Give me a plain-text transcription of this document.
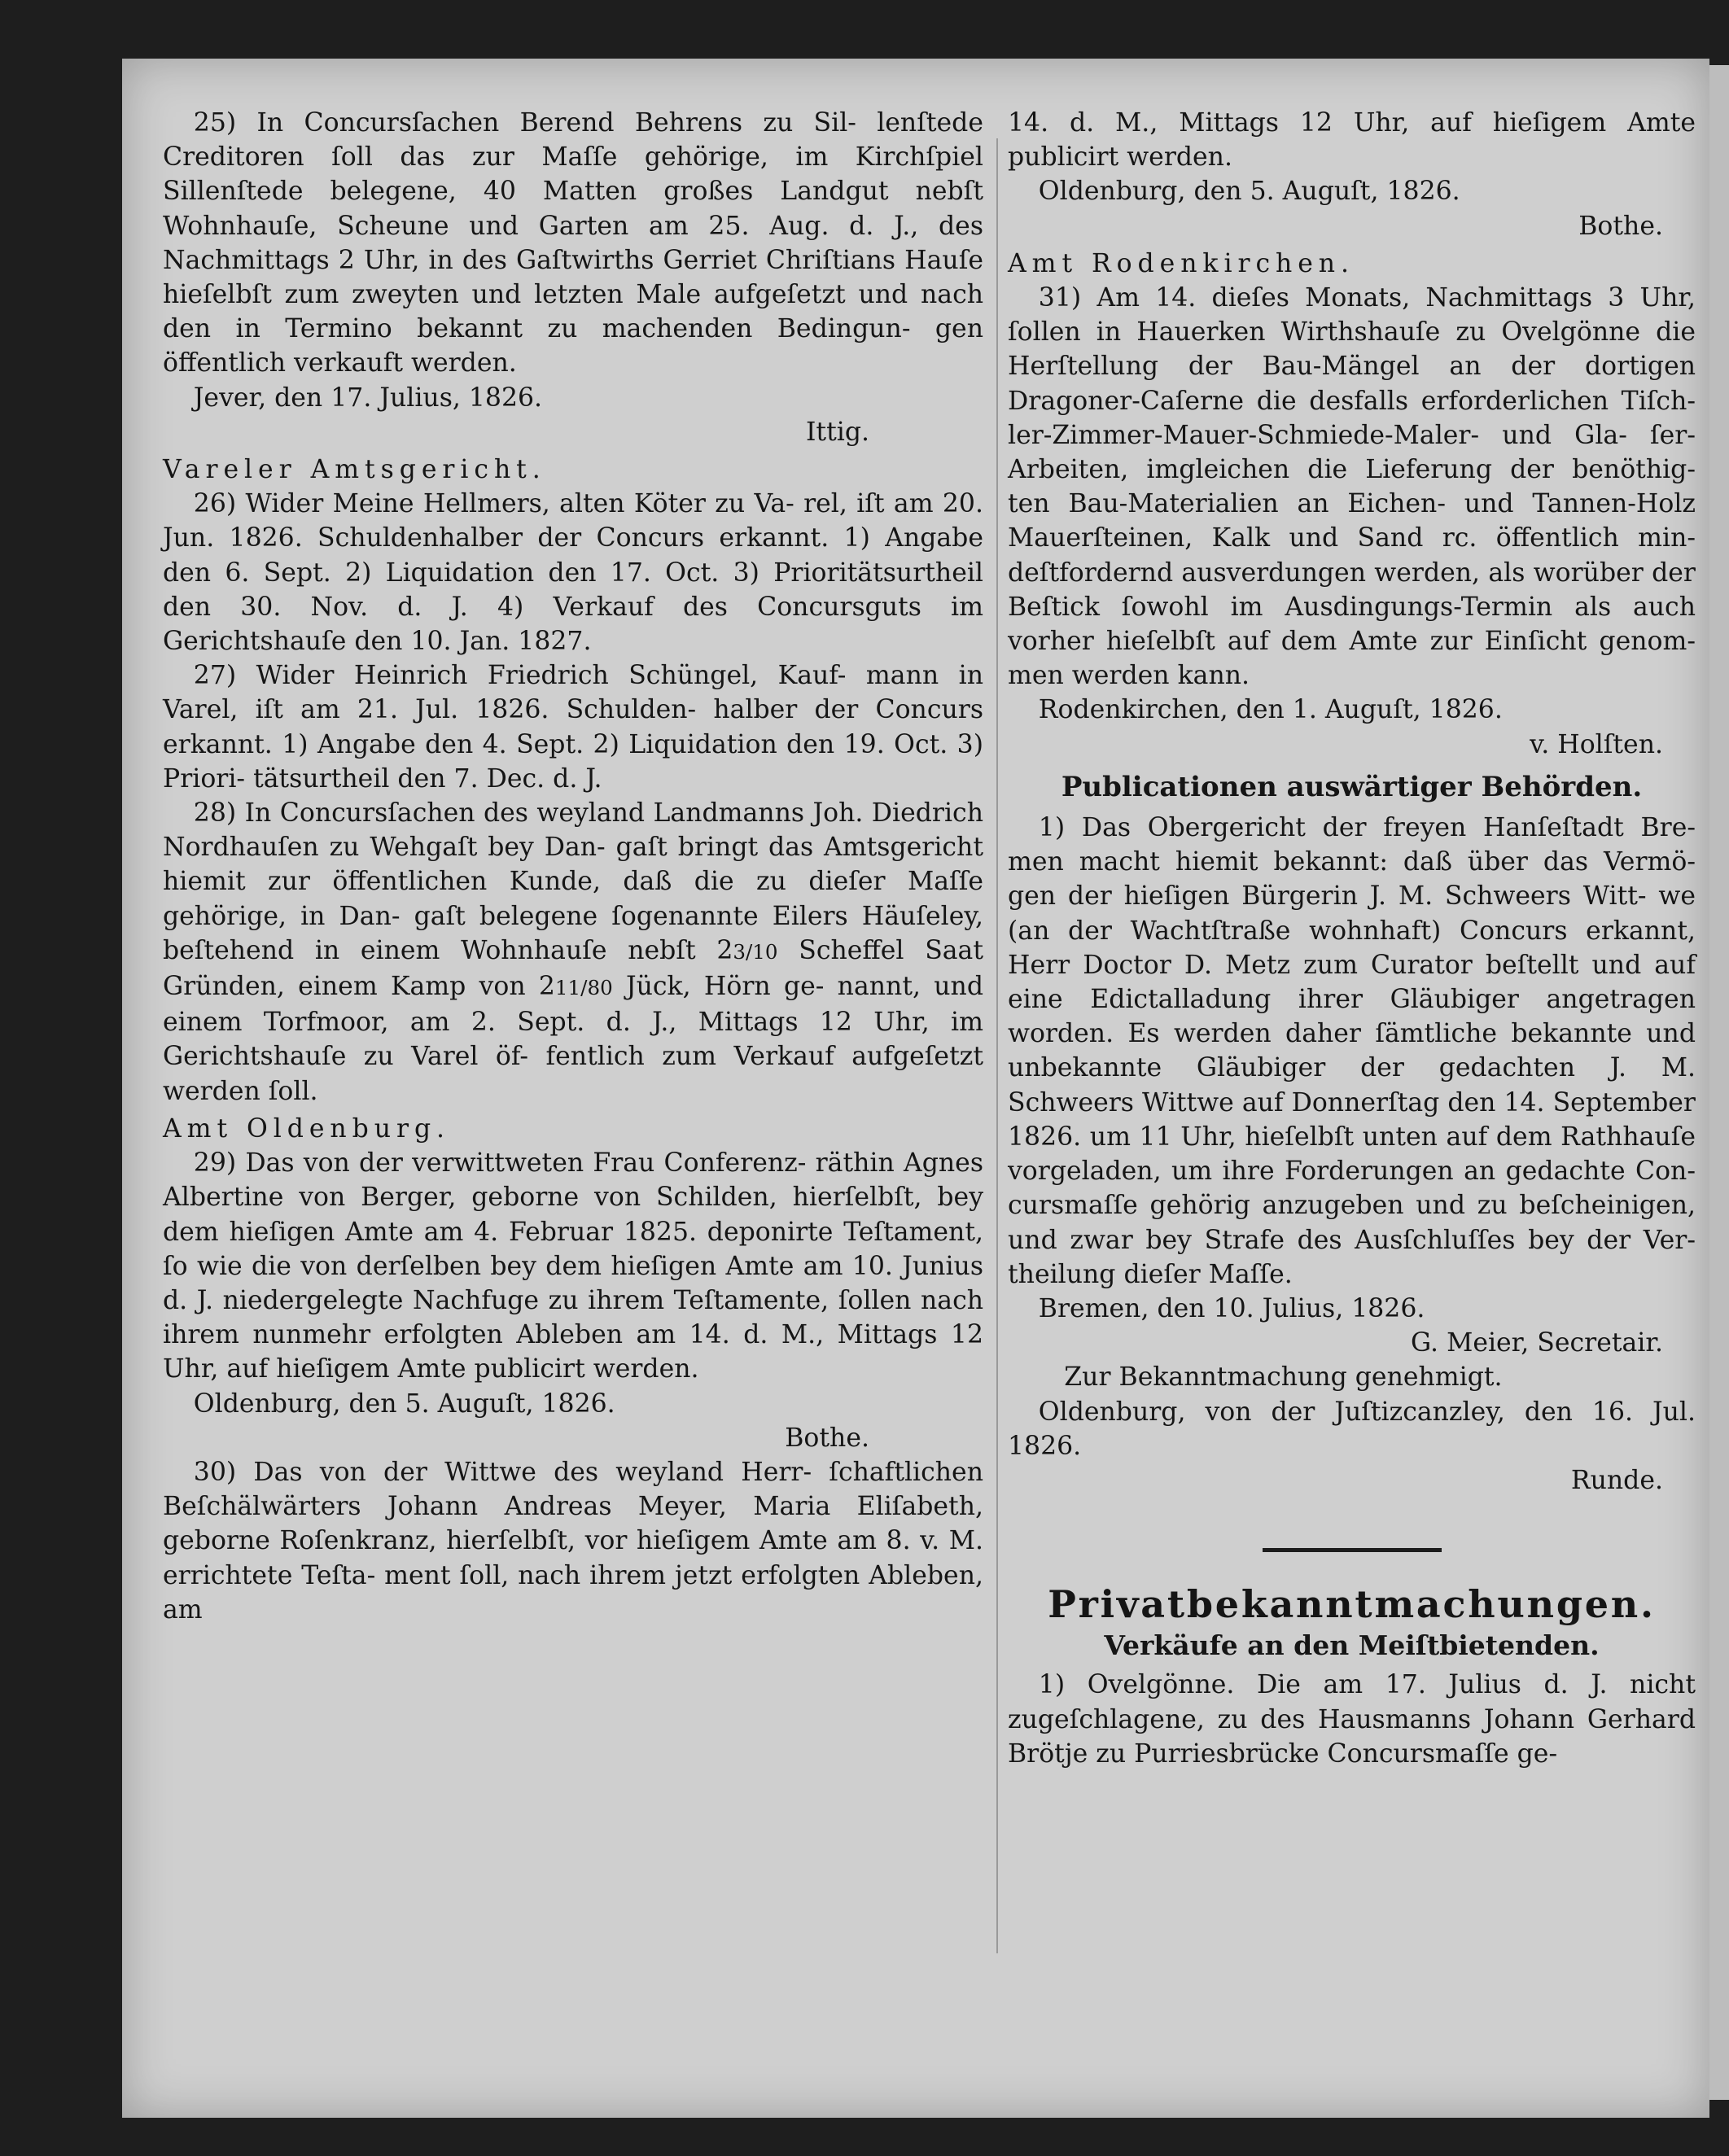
25) In Concursſachen Berend Behrens zu Sil- lenſtede Creditoren ſoll das zur Maſſe gehörige, im Kirchſpiel Sillenſtede belegene, 40 Matten großes Landgut nebſt Wohnhauſe, Scheune und Garten am 25. Aug. d. J., des Nachmittags 2 Uhr, in des Gaſtwirths Gerriet Chriſtians Hauſe hieſelbſt zum zweyten und letzten Male aufgeſetzt und nach den in Termino bekannt zu machenden Bedingun- gen öffentlich verkauft werden.

Jever, den 17. Julius, 1826.

Ittig.

Vareler Amtsgericht.

26) Wider Meine Hellmers, alten Köter zu Va- rel, iſt am 20. Jun. 1826. Schuldenhalber der Concurs erkannt. 1) Angabe den 6. Sept. 2) Liquidation den 17. Oct. 3) Prioritätsurtheil den 30. Nov. d. J. 4) Verkauf des Concursguts im Gerichtshauſe den 10. Jan. 1827.

27) Wider Heinrich Friedrich Schüngel, Kauf- mann in Varel, iſt am 21. Jul. 1826. Schulden- halber der Concurs erkannt. 1) Angabe den 4. Sept. 2) Liquidation den 19. Oct. 3) Priori- tätsurtheil den 7. Dec. d. J.

28) In Concursſachen des weyland Landmanns Joh. Diedrich Nordhauſen zu Wehgaſt bey Dan- gaſt bringt das Amtsgericht hiemit zur öffentlichen Kunde, daß die zu dieſer Maſſe gehörige, in Dan- gaſt belegene ſogenannte Eilers Häuſeley, beſtehend in einem Wohnhauſe nebſt 23/10 Scheffel Saat Gründen, einem Kamp von 211/80 Jück, Hörn ge- nannt, und einem Torfmoor, am 2. Sept. d. J., Mittags 12 Uhr, im Gerichtshauſe zu Varel öf- fentlich zum Verkauf aufgeſetzt werden ſoll.

Amt Oldenburg.

29) Das von der verwittweten Frau Conferenz- räthin Agnes Albertine von Berger, geborne von Schilden, hierſelbſt, bey dem hieſigen Amte am 4. Februar 1825. deponirte Teſtament, ſo wie die von derſelben bey dem hieſigen Amte am 10. Junius d. J. niedergelegte Nachfuge zu ihrem Teſtamente, ſollen nach ihrem nunmehr erfolgten Ableben am 14. d. M., Mittags 12 Uhr, auf hieſigem Amte publicirt werden.

Oldenburg, den 5. Auguſt, 1826.

Bothe.

30) Das von der Wittwe des weyland Herr- ſchaftlichen Beſchälwärters Johann Andreas Meyer, Maria Eliſabeth, geborne Roſenkranz, hierſelbſt, vor hieſigem Amte am 8. v. M. errichtete Teſta- ment ſoll, nach ihrem jetzt erfolgten Ableben, am

14. d. M., Mittags 12 Uhr, auf hieſigem Amte publicirt werden.

Oldenburg, den 5. Auguſt, 1826.

Bothe.

Amt Rodenkirchen.

31) Am 14. dieſes Monats, Nachmittags 3 Uhr, ſollen in Hauerken Wirthshauſe zu Ovelgönne die Herſtellung der Bau-Mängel an der dortigen Dragoner-Caſerne die desfalls erforderlichen Tiſch- ler-Zimmer-Mauer-Schmiede-Maler- und Gla- ſer-Arbeiten, imgleichen die Lieferung der benöthig- ten Bau-Materialien an Eichen- und Tannen-Holz Mauerſteinen, Kalk und Sand rc. öffentlich min- deſtfordernd ausverdungen werden, als worüber der Beſtick ſowohl im Ausdingungs-Termin als auch vorher hieſelbſt auf dem Amte zur Einſicht genom- men werden kann.

Rodenkirchen, den 1. Auguſt, 1826.

v. Holſten.

Publicationen auswärtiger Behörden.

1) Das Obergericht der freyen Hanſeſtadt Bre- men macht hiemit bekannt: daß über das Vermö- gen der hieſigen Bürgerin J. M. Schweers Witt- we (an der Wachtſtraße wohnhaft) Concurs erkannt, Herr Doctor D. Metz zum Curator beſtellt und auf eine Edictalladung ihrer Gläubiger angetragen worden. Es werden daher ſämtliche bekannte und unbekannte Gläubiger der gedachten J. M. Schweers Wittwe auf Donnerſtag den 14. September 1826. um 11 Uhr, hieſelbſt unten auf dem Rathhauſe vorgeladen, um ihre Forderungen an gedachte Con- cursmaſſe gehörig anzugeben und zu beſcheinigen, und zwar bey Strafe des Ausſchluſſes bey der Ver- theilung dieſer Maſſe.

Bremen, den 10. Julius, 1826.

G. Meier, Secretair.

Zur Bekanntmachung genehmigt.

Oldenburg, von der Juſtizcanzley, den 16. Jul. 1826.

Runde.

Privatbekanntmachungen.

Verkäufe an den Meiſtbietenden.

1) Ovelgönne. Die am 17. Julius d. J. nicht zugeſchlagene, zu des Hausmanns Johann Gerhard Brötje zu Purriesbrücke Concursmaſſe ge-
